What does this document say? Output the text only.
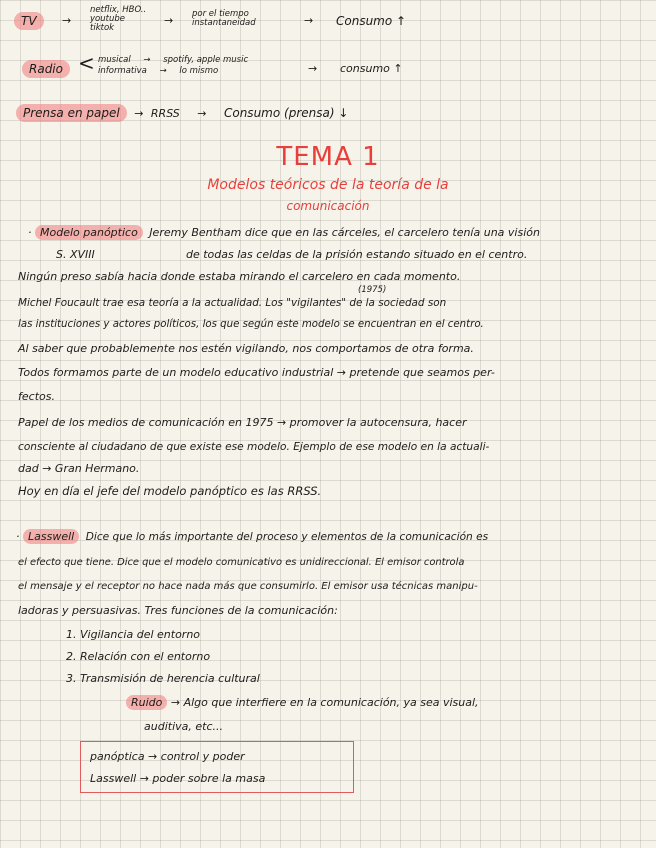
TV	→
netflix, HBO..
youtube
tiktok
→ por el tiempo
instantaneidad	→ Consumo ↑
Radio < musical → spotify, apple music
informativa → lo mismo	→ consumo ↑
Prensa en papel → RRSS → Consumo (prensa) ↓
TEMA 1
Modelos teóricos de la teoría de la
comunicación
· Modelo panóptico Jeremy Bentham dice que en las cárceles, el carcelero tenía una visión
S. XVIII	de todas las celdas de la prisión estando situado en el centro.
Ningún preso sabía hacia donde estaba mirando el carcelero en cada momento.
(1975)
Michel Foucault trae esa teoría a la actualidad. Los "vigilantes" de la sociedad son
las instituciones y actores políticos, los que según este modelo se encuentran en el centro.
Al saber que probablemente nos estén vigilando, nos comportamos de otra forma.
Todos formamos parte de un modelo educativo industrial → pretende que seamos per-
fectos.
Papel de los medios de comunicación en 1975 → promover la autocensura, hacer
consciente al ciudadano de que existe ese modelo. Ejemplo de ese modelo en la actuali-
dad → Gran Hermano.
Hoy en día el jefe del modelo panóptico es las RRSS.
· Lasswell Dice que lo más importante del proceso y elementos de la comunicación es
el efecto que tiene. Dice que el modelo comunicativo es unidireccional. El emisor controla
el mensaje y el receptor no hace nada más que consumirlo. El emisor usa técnicas manipu-
ladoras y persuasivas. Tres funciones de la comunicación:
1. Vigilancia del entorno
2. Relación con el entorno
3. Transmisión de herencia cultural
Ruido → Algo que interfiere en la comunicación, ya sea visual,
auditiva, etc...
panóptica → control y poder
Lasswell → poder sobre la masa
